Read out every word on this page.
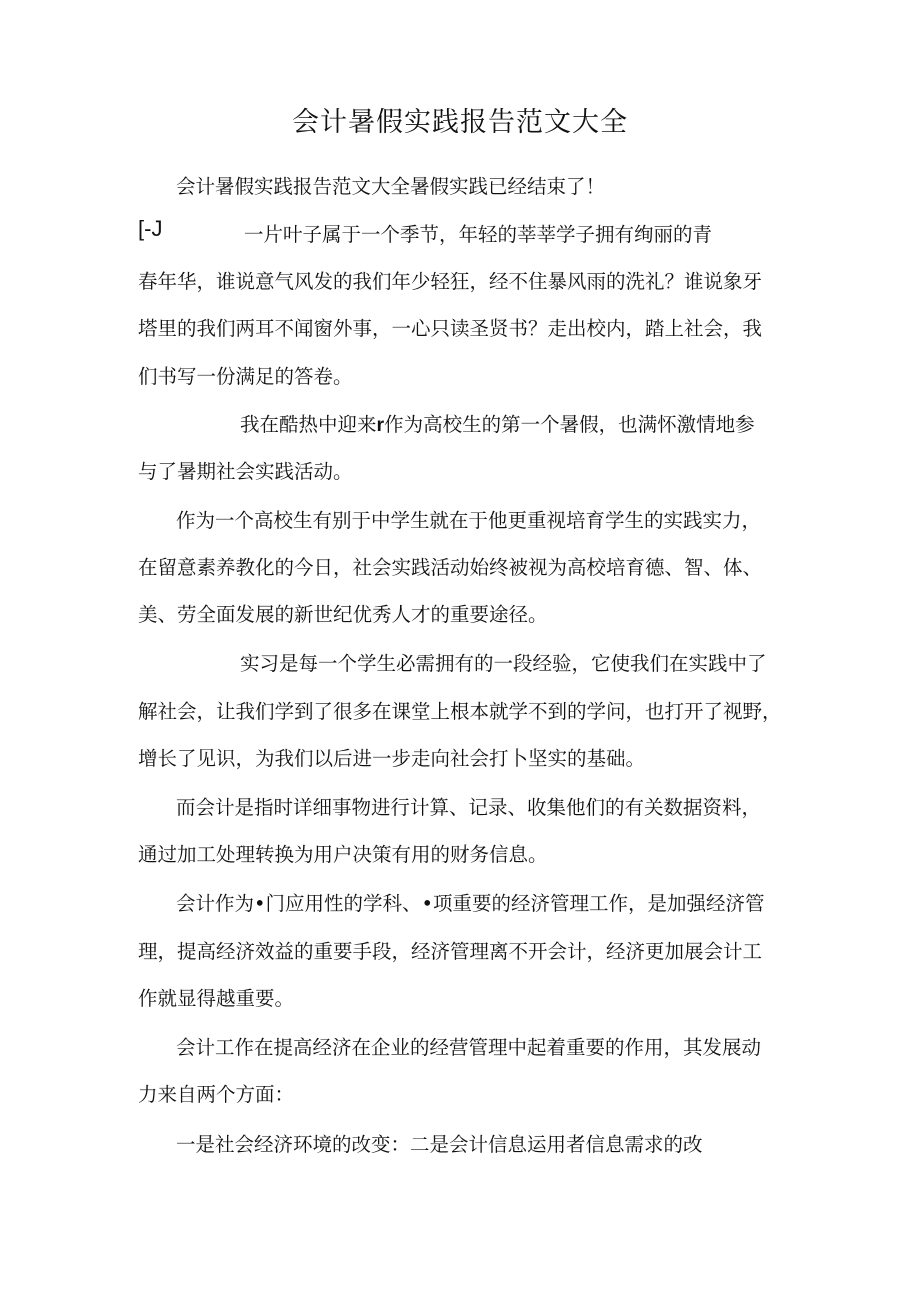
会计暑假实践报告范文大全
会计暑假实践报告范文大全暑假实践已经结束了！
[-J	一片叶子属于一个季节，年轻的莘莘学子拥有绚丽的青
春年华，谁说意气风发的我们年少轻狂，经不住暴风雨的洗礼？谁说象牙
塔里的我们两耳不闻窗外事，一心只读圣贤书？走出校内，踏上社会，我
们书写一份满足的答卷。
我在酷热中迎来r作为高校生的第一个暑假，也满怀激情地参
与了暑期社会实践活动。
作为一个高校生有别于中学生就在于他更重视培育学生的实践实力，
在留意素养教化的今日，社会实践活动始终被视为高校培育德、智、体、
美、劳全面发展的新世纪优秀人才的重要途径。
实习是每一个学生必需拥有的一段经验，它使我们在实践中了
解社会，让我们学到了很多在课堂上根本就学不到的学问，也打开了视野，
增长了见识，为我们以后进一步走向社会打卜坚实的基础。
而会计是指时详细事物进行计算、记录、收集他们的有关数据资料，
通过加工处理转换为用户决策有用的财务信息。
会计作为•门应用性的学科、•项重要的经济管理工作，是加强经济管
理，提高经济效益的重要手段，经济管理离不开会计，经济更加展会计工
作就显得越重要。
会计工作在提高经济在企业的经营管理中起着重要的作用，其发展动
力来自两个方面：
一是社会经济环境的改变：二是会计信息运用者信息需求的改
